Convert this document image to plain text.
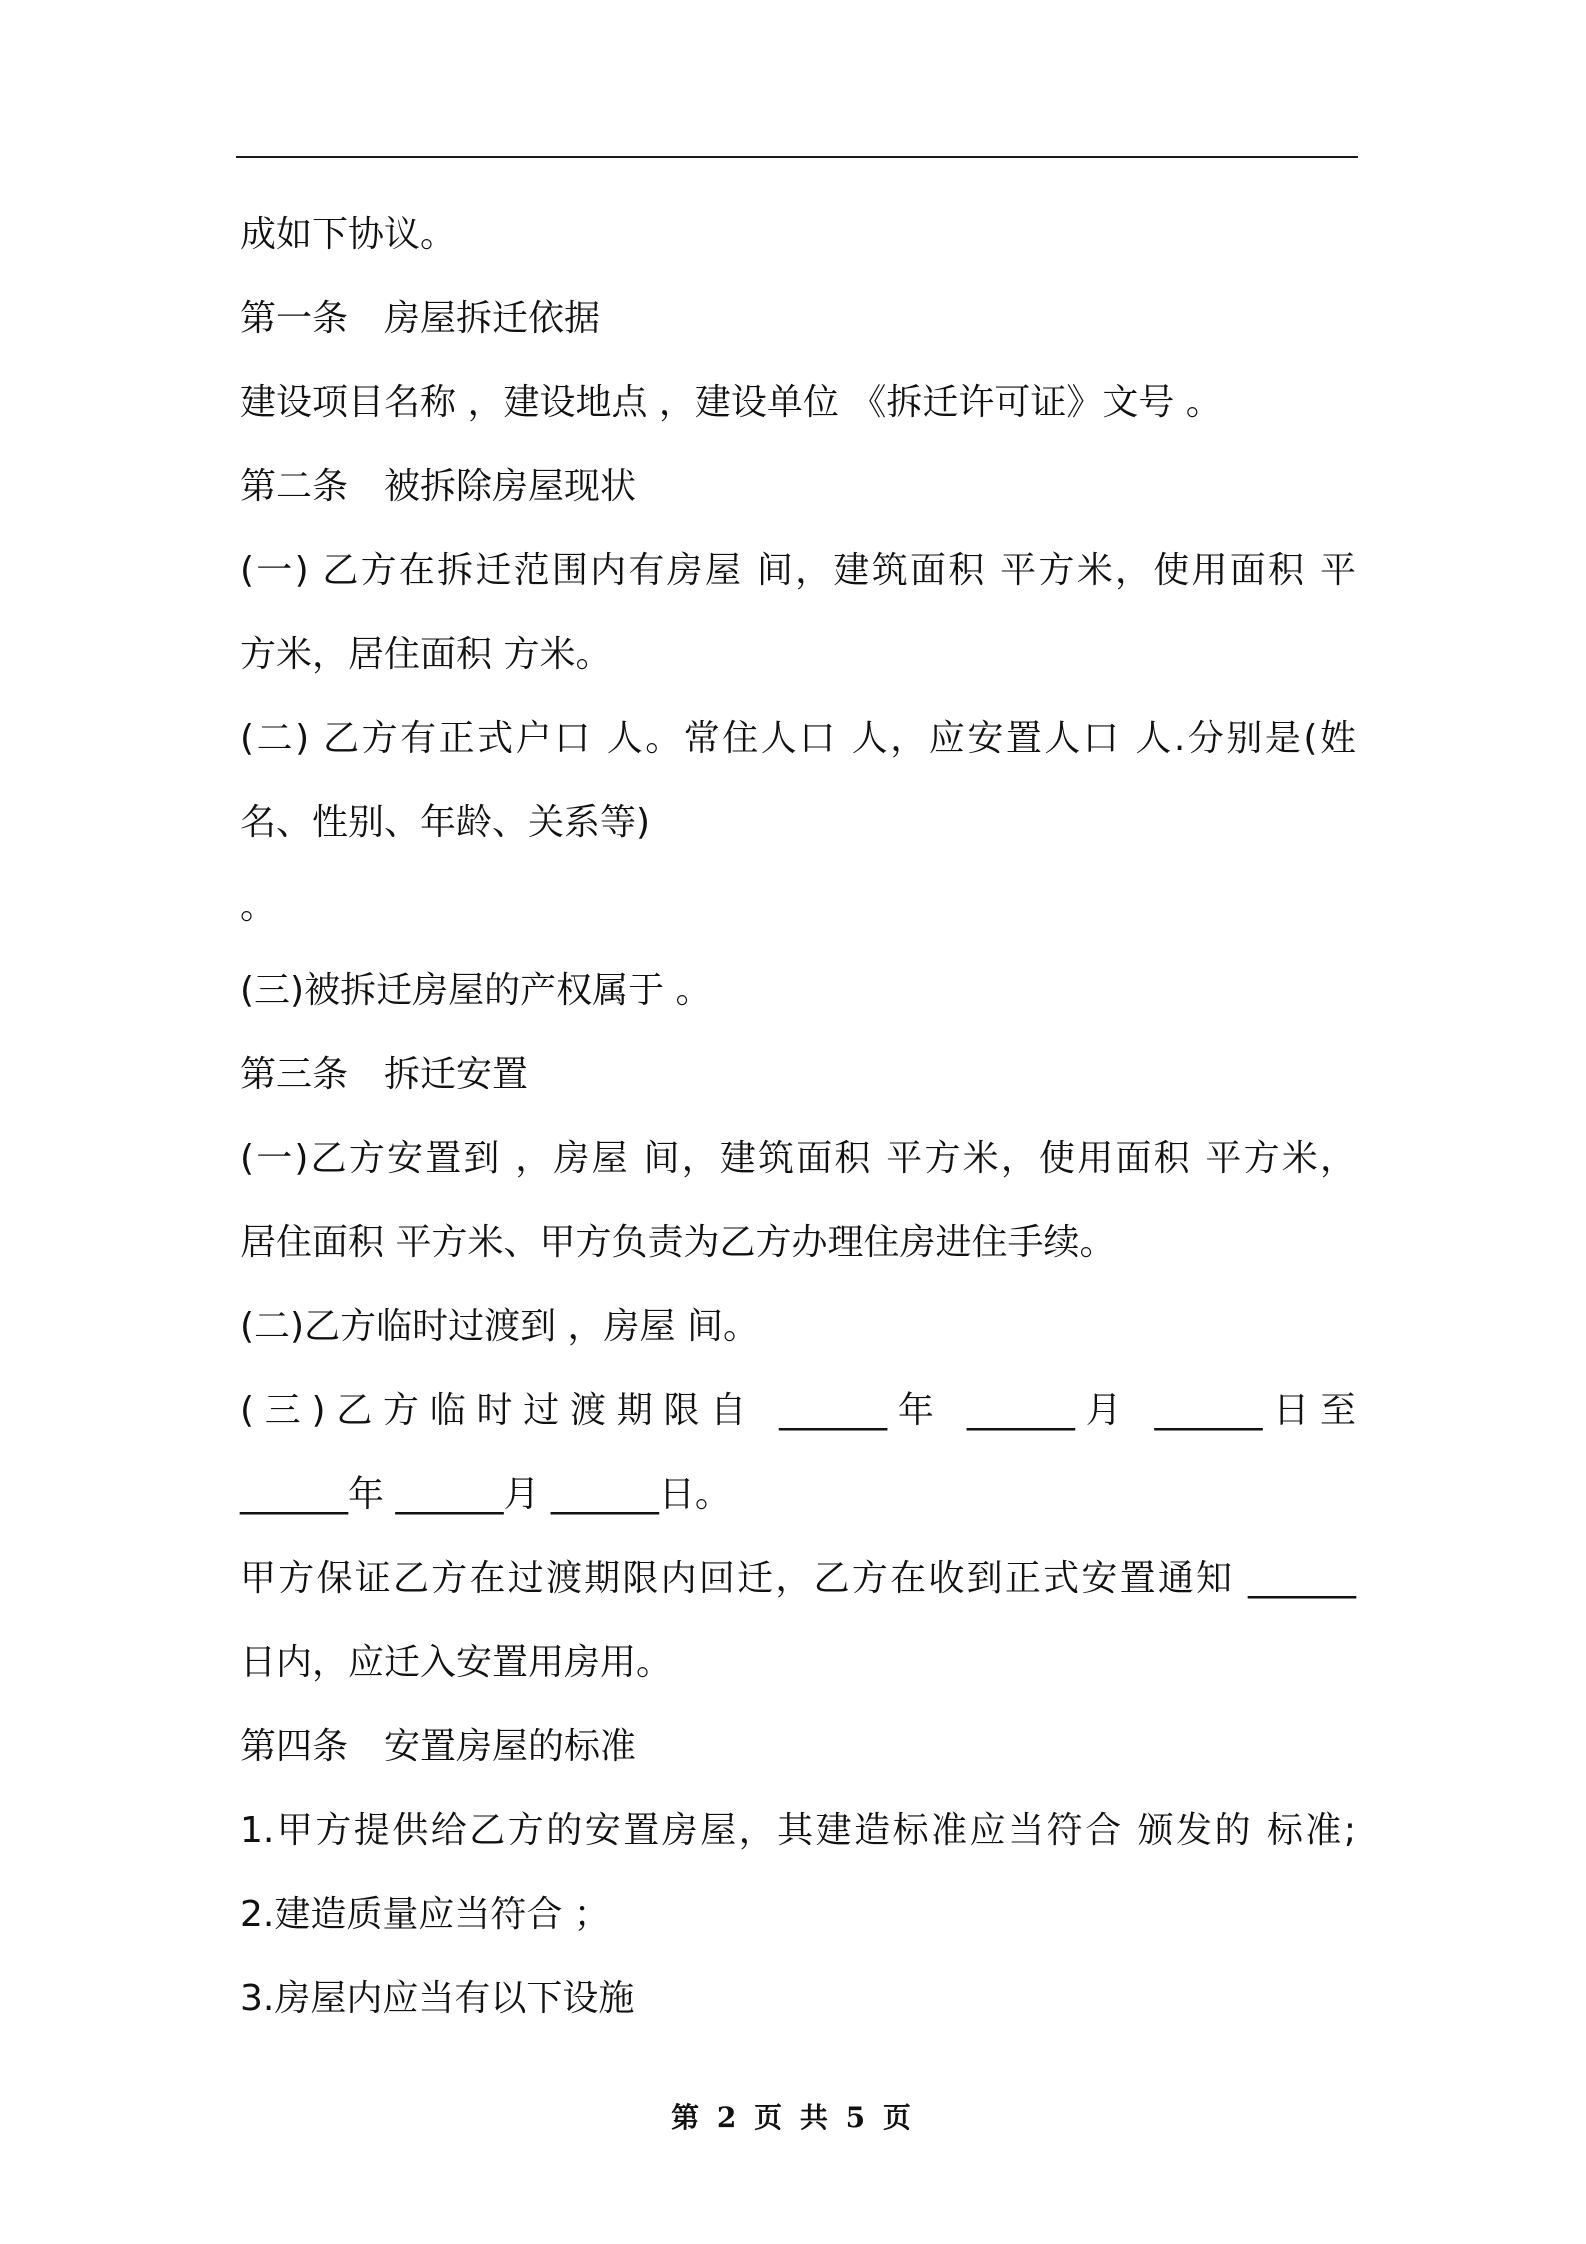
成如下协议。
第一条　房屋拆迁依据
建设项目名称 ，建设地点 ，建设单位 《拆迁许可证》文号 。
第二条　被拆除房屋现状
(一) 乙方在拆迁范围内有房屋 间，建筑面积 平方米，使用面积 平
方米，居住面积 方米。
(二) 乙方有正式户口 人。常住人口 人，应安置人口 人.分别是(姓
名、性别、年龄、关系等)
。
(三)被拆迁房屋的产权属于 。
第三条　拆迁安置
(一)乙方安置到 ，房屋 间，建筑面积 平方米，使用面积 平方米，
居住面积 平方米、甲方负责为乙方办理住房进住手续。
(二)乙方临时过渡到 ，房屋 间。
(三)乙方临时过渡期限自 ______年 ______月 ______日至
______年 ______月 ______日。
甲方保证乙方在过渡期限内回迁，乙方在收到正式安置通知 ______
日内，应迁入安置用房用。
第四条　安置房屋的标准
1.甲方提供给乙方的安置房屋，其建造标准应当符合 颁发的 标准;
2.建造质量应当符合 ；
3.房屋内应当有以下设施
第 2 页 共 5 页
